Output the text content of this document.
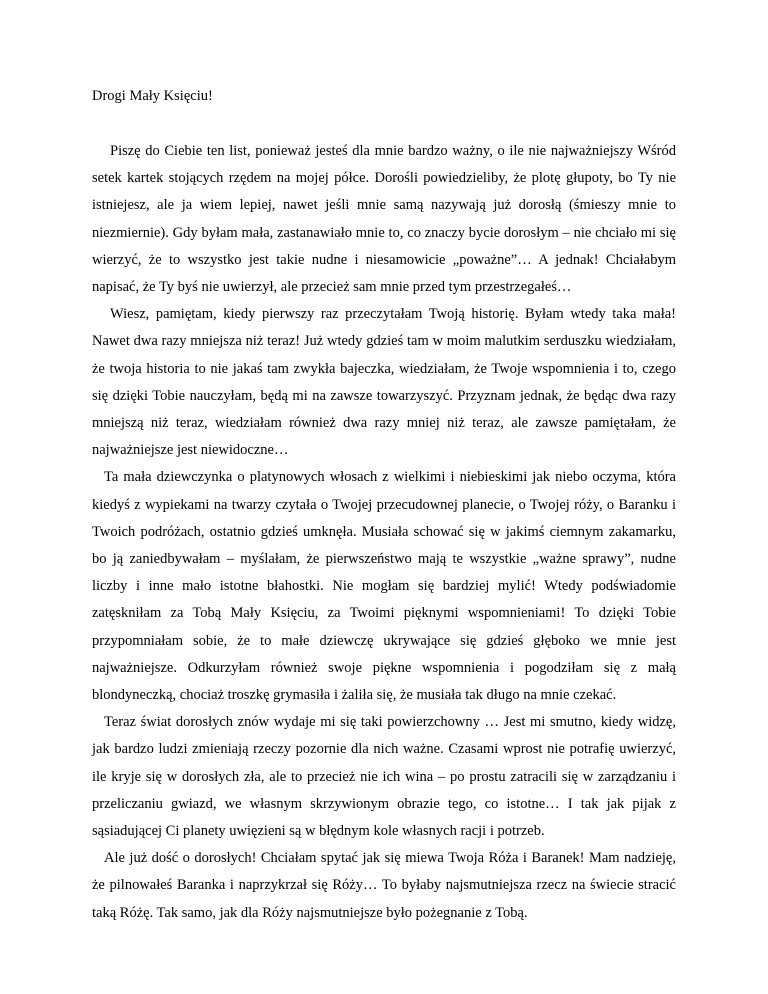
Drogi Mały Księciu!

Piszę do Ciebie ten list, ponieważ jesteś dla mnie bardzo ważny, o ile nie najważniejszy Wśród setek kartek stojących rzędem na mojej półce. Dorośli powiedzieliby, że plotę głupoty, bo Ty nie istniejesz, ale ja wiem lepiej, nawet jeśli mnie samą nazywają już dorosłą (śmieszy mnie to niezmiernie). Gdy byłam mała, zastanawiało mnie to, co znaczy bycie dorosłym – nie chciało mi się wierzyć, że to wszystko jest takie nudne i niesamowicie „poważne”… A jednak! Chciałabym napisać, że Ty byś nie uwierzył, ale przecież sam mnie przed tym przestrzegałeś…

Wiesz, pamiętam, kiedy pierwszy raz przeczytałam Twoją historię. Byłam wtedy taka mała! Nawet dwa razy mniejsza niż teraz! Już wtedy gdzieś tam w moim malutkim serduszku wiedziałam, że twoja historia to nie jakaś tam zwykła bajeczka, wiedziałam, że Twoje wspomnienia i to, czego się dzięki Tobie nauczyłam, będą mi na zawsze towarzyszyć. Przyznam jednak, że będąc dwa razy mniejszą niż teraz, wiedziałam również dwa razy mniej niż teraz, ale zawsze pamiętałam, że najważniejsze jest niewidoczne…

Ta mała dziewczynka o platynowych włosach z wielkimi i niebieskimi jak niebo oczyma, która kiedyś z wypiekami na twarzy czytała o Twojej przecudownej planecie, o Twojej róży, o Baranku i Twoich podróżach, ostatnio gdzieś umknęła. Musiała schować się w jakimś ciemnym zakamarku, bo ją zaniedbywałam – myślałam, że pierwszeństwo mają te wszystkie „ważne sprawy”, nudne liczby i inne mało istotne błahostki. Nie mogłam się bardziej mylić! Wtedy podświadomie zatęskniłam za Tobą Mały Księciu, za Twoimi pięknymi wspomnieniami! To dzięki Tobie przypomniałam sobie, że to małe dziewczę ukrywające się gdzieś głęboko we mnie jest najważniejsze. Odkurzyłam również swoje piękne wspomnienia i pogodziłam się z małą blondyneczką, chociaż troszkę grymasiła i żaliła się, że musiała tak długo na mnie czekać.

Teraz świat dorosłych znów wydaje mi się taki powierzchowny … Jest mi smutno, kiedy widzę, jak bardzo ludzi zmieniają rzeczy pozornie dla nich ważne. Czasami wprost nie potrafię uwierzyć, ile kryje się w dorosłych zła, ale to przecież nie ich wina – po prostu zatracili się w zarządzaniu i przeliczaniu gwiazd, we własnym skrzywionym obrazie tego, co istotne… I tak jak pijak z sąsiadującej Ci planety uwięzieni są w błędnym kole własnych racji i potrzeb.

Ale już dość o dorosłych! Chciałam spytać jak się miewa Twoja Róża i Baranek! Mam nadzieję, że pilnowałeś Baranka i naprzykrzał się Róży… To byłaby najsmutniejsza rzecz na świecie stracić taką Różę. Tak samo, jak dla Róży najsmutniejsze było pożegnanie z Tobą.
